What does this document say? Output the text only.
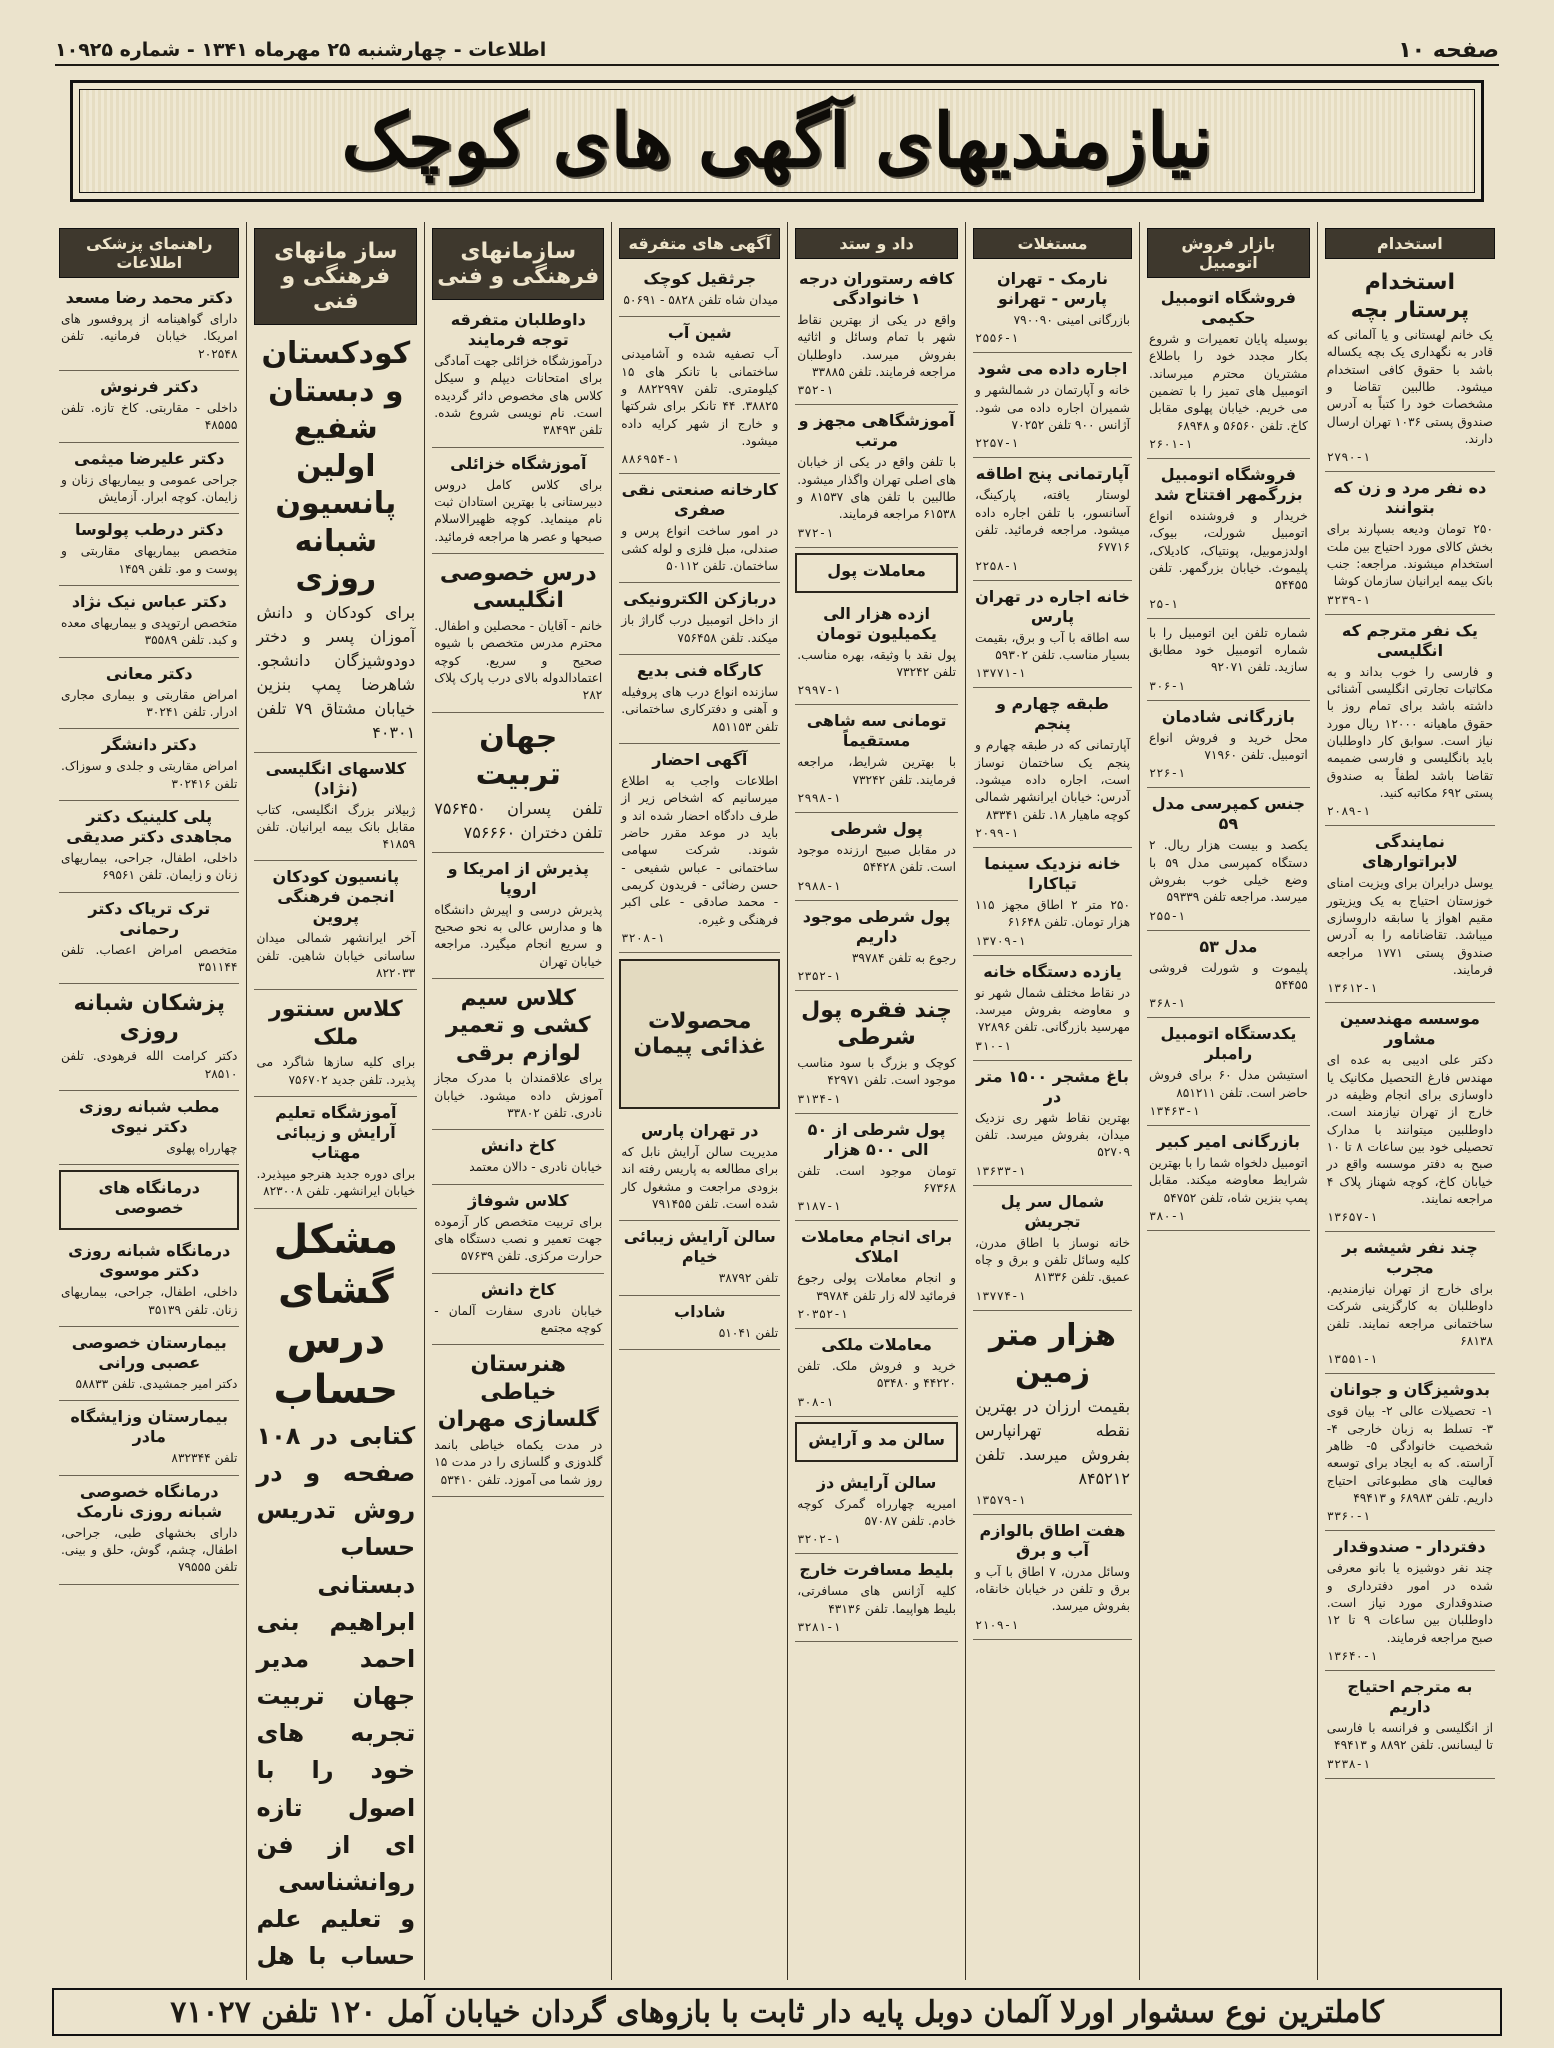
صفحه ۱۰
اطلاعات - چهارشنبه ۲۵ مهرماه ۱۳۴۱ - شماره ۱۰۹۲۵
نیازمندیهای آگهی های کوچک
استخدام
استخدام پرستار بچه

یک خانم لهستانی و یا آلمانی که قادر به نگهداری یک بچه یکساله باشد با حقوق کافی استخدام میشود. طالبین تقاضا و مشخصات خود را کتباً به آدرس صندوق پستی ۱۰۳۶ تهران ارسال دارند.

۲۷۹۰-۱
ده نفر مرد و زن که بتوانند

۲۵۰ تومان ودیعه بسپارند برای بخش کالای مورد احتیاج بین ملت استخدام میشوند. مراجعه: جنب بانک بیمه ایرانیان سازمان کوشا

۳۲۳۹-۱
یک نفر مترجم که انگلیسی

و فارسی را خوب بداند و به مکاتبات تجارتی انگلیسی آشنائی داشته باشد برای تمام روز با حقوق ماهیانه ۱۲۰۰۰ ریال مورد نیاز است. سوابق کار داوطلبان باید بانگلیسی و فارسی ضمیمه تقاضا باشد لطفاً به صندوق پستی ۶۹۲ مکاتبه کنید.

۲۰۸۹-۱
نمایندگی لابراتوارهای

یوسل درایران برای ویزیت امنای خوزستان احتیاج به یک ویزیتور مقیم اهواز یا سابقه داروسازی میباشد. تقاضانامه را به آدرس صندوق پستی ۱۷۷۱ مراجعه فرمایند.

۱۳۶۱۲-۱
موسسه مهندسین مشاور

دکتر علی ادیبی به عده ای مهندس فارغ التحصیل مکانیک یا داوسازی برای انجام وظیفه در خارج از تهران نیازمند است. داوطلبین میتوانند با مدارک تحصیلی خود بین ساعات ۸ تا ۱۰ صبح به دفتر موسسه واقع در خیابان کاخ، کوچه شهناز پلاک ۴ مراجعه نمایند.

۱۳۶۵۷-۱
چند نفر شیشه بر مجرب

برای خارج از تهران نیازمندیم. داوطلبان به کارگزینی شرکت ساختمانی مراجعه نمایند. تلفن ۶۸۱۳۸

۱۳۵۵۱-۱
بدوشیزگان و جوانان

۱- تحصیلات عالی ۲- بیان قوی ۳- تسلط به زبان خارجی ۴- شخصیت خانوادگی ۵- ظاهر آراسته. که به ایجاد برای توسعه فعالیت های مطبوعاتی احتیاج داریم. تلفن ۶۸۹۸۳ و ۴۹۴۱۳

۳۳۶۰-۱
دفتردار - صندوقدار

چند نفر دوشیزه یا بانو معرفی شده در امور دفترداری و صندوقداری مورد نیاز است. داوطلبان بین ساعات ۹ تا ۱۲ صبح مراجعه فرمایند.

۱۳۶۴۰-۱
به مترجم احتیاج داریم

از انگلیسی و فرانسه با فارسی تا لیسانس. تلفن ۸۸۹۲ و ۴۹۴۱۳

۳۲۳۸-۱
بازار فروش اتومبیل
فروشگاه اتومبیل حکیمی

بوسیله پایان تعمیرات و شروع بکار مجدد خود را باطلاع مشتریان محترم میرساند. اتومبیل های تمیز را با تضمین می خریم. خیابان پهلوی مقابل کاخ. تلفن ۵۶۵۶۰ و ۶۸۹۴۸

۲۶۰۱-۱
فروشگاه اتومبیل بزرگمهر افتتاح شد

خریدار و فروشنده انواع اتومبیل شورلت، بیوک، اولدزموبیل، پونتیاک، کادیلاک، پلیموث. خیابان بزرگمهر. تلفن ۵۴۴۵۵

۲۵-۱

شماره تلفن این اتومبیل را با شماره اتومبیل خود مطابق سازید. تلفن ۹۲۰۷۱

۳۰۶-۱
بازرگانی شادمان

محل خرید و فروش انواع اتومبیل. تلفن ۷۱۹۶۰

۲۲۶-۱
جنس کمپرسی مدل ۵۹

یکصد و بیست هزار ریال. ۲ دستگاه کمپرسی مدل ۵۹ با وضع خیلی خوب بفروش میرسد. مراجعه تلفن ۵۹۳۳۹

۲۵۵-۱
مدل ۵۳

پلیموت و شورلت فروشی ۵۴۴۵۵

۳۶۸-۱
یکدستگاه اتومبیل رامبلر

استیشن مدل ۶۰ برای فروش حاضر است. تلفن ۸۵۱۲۱۱

۱۳۴۶۳-۱
بازرگانی امیر کبیر

اتومبیل دلخواه شما را با بهترین شرایط معاوضه میکند. مقابل پمپ بنزین شاه، تلفن ۵۴۷۵۲

۳۸۰-۱
مستغلات
نارمک - تهران پارس - تهرانو

بازرگانی امینی ۷۹۰۰۹۰

۲۵۵۶-۱
اجاره داده می شود

خانه و آپارتمان در شمالشهر و شمیران اجاره داده می شود. آژانس ۹۰۰ تلفن ۷۰۲۵۲

۲۲۵۷-۱
آپارتمانی پنج اطاقه

لوستار یافته، پارکینگ، آسانسور، با تلفن اجاره داده میشود. مراجعه فرمائید. تلفن ۶۷۷۱۶

۲۲۵۸-۱
خانه اجاره در تهران پارس

سه اطاقه با آب و برق، بقیمت بسیار مناسب. تلفن ۵۹۳۰۲

۱۳۷۷۱-۱
طبقه چهارم و پنجم

آپارتمانی که در طبقه چهارم و پنجم یک ساختمان نوساز است، اجاره داده میشود. آدرس: خیابان ایرانشهر شمالی کوچه ماهیار ۱۸. تلفن ۸۳۳۴۱

۲۰۹۹-۱
خانه نزدیک سینما تیاکارا

۲۵۰ متر ۲ اطاق مجهز ۱۱۵ هزار تومان. تلفن ۶۱۶۴۸

۱۳۷۰۹-۱
یازده دستگاه خانه

در نقاط مختلف شمال شهر نو و معاوضه بفروش میرسد. مهرسید بازرگانی. تلفن ۷۲۸۹۶

۳۱۰-۱
باغ مشجر ۱۵۰۰ متر در

بهترین نقاط شهر ری نزدیک میدان، بفروش میرسد. تلفن ۵۲۷۰۹

۱۳۶۳۳-۱
شمال سر پل تجریش

خانه نوساز با اطاق مدرن، کلیه وسائل تلفن و برق و چاه عمیق. تلفن ۸۱۳۳۶

۱۳۷۷۴-۱
هزار متر زمین

بقیمت ارزان در بهترین نقطه تهرانپارس بفروش میرسد. تلفن ۸۴۵۲۱۲

۱۳۵۷۹-۱
هفت اطاق بالوازم آب و برق

وسائل مدرن، ۷ اطاق با آب و برق و تلفن در خیابان خانقاه، بفروش میرسد.

۲۱۰۹-۱
داد و ستد
کافه رستوران درجه ۱ خانوادگی

واقع در یکی از بهترین نقاط شهر با تمام وسائل و اثاثیه بفروش میرسد. داوطلبان مراجعه فرمایند. تلفن ۳۳۸۸۵

۳۵۲-۱
آموزشگاهی مجهز و مرتب

با تلفن واقع در یکی از خیابان های اصلی تهران واگذار میشود. طالبین با تلفن های ۸۱۵۳۷ و ۶۱۵۳۸ مراجعه فرمایند.

۳۷۲-۱
معاملات پول
ازده هزار الی یکمیلیون تومان

پول نقد با وثیقه، بهره مناسب. تلفن ۷۳۲۴۲

۲۹۹۷-۱
تومانی سه شاهی مستقیماً

با بهترین شرایط، مراجعه فرمایند. تلفن ۷۳۲۴۲

۲۹۹۸-۱
پول شرطی

در مقابل صبیح ارزنده موجود است. تلفن ۵۴۴۲۸

۲۹۸۸-۱
پول شرطی موجود داریم

رجوع به تلفن ۳۹۷۸۴

۲۳۵۲-۱
چند فقره پول شرطی

کوچک و بزرگ با سود مناسب موجود است. تلفن ۴۲۹۷۱

۳۱۳۴-۱
پول شرطی از ۵۰ الی ۵۰۰ هزار

تومان موجود است. تلفن ۶۷۳۶۸

۳۱۸۷-۱
برای انجام معاملات املاک

و انجام معاملات پولی رجوع فرمائید لاله زار تلفن ۳۹۷۸۴

۲۰۳۵۲-۱
معاملات ملکی

خرید و فروش ملک. تلفن ۴۴۲۲۰ و ۵۳۴۸۰

۳۰۸-۱
سالن مد و آرایش
سالن آرایش دز

امیریه چهارراه گمرک کوچه خادم. تلفن ۵۷۰۸۷

۳۲۰۲-۱
بلیط مسافرت خارج

کلیه آژانس های مسافرتی، بلیط هواپیما. تلفن ۴۳۱۳۶

۳۲۸۱-۱
آگهی های متفرقه
جرثقیل کوچک

میدان شاه تلفن ۵۸۲۸ - ۵۰۶۹۱

شین آب

آب تصفیه شده و آشامیدنی ساختمانی با تانکر های ۱۵ کیلومتری. تلفن ۸۸۲۲۹۹۷ و ۳۸۸۲۵. ۴۴ تانکر برای شرکتها و خارج از شهر کرایه داده میشود.

۸۸۶۹۵۴-۱
کارخانه صنعتی نقی صفری

در امور ساخت انواع پرس و صندلی، مبل فلزی و لوله کشی ساختمان. تلفن ۵۰۱۱۲

دربازکن الکترونیکی

از داخل اتومبیل درب گاراژ باز میکند. تلفن ۷۵۶۴۵۸

کارگاه فنی بدیع

سازنده انواع درب های پروفیله و آهنی و دفترکاری ساختمانی. تلفن ۸۵۱۱۵۳

آگهی احضار

اطلاعات واجب به اطلاع میرسانیم که اشخاص زیر از طرف دادگاه احضار شده اند و باید در موعد مقرر حاضر شوند. شرکت سهامی ساختمانی - عباس شفیعی - حسن رضائی - فریدون کریمی - محمد صادقی - علی اکبر فرهنگی و غیره.

۳۲۰۸-۱
محصولات غذائی پیمان
در تهران پارس

مدیریت سالن آرایش نابل که برای مطالعه به پاریس رفته اند بزودی مراجعت و مشغول کار شده است. تلفن ۷۹۱۴۵۵

سالن آرایش زیبائی خیام

تلفن ۳۸۷۹۲

شاداب

تلفن ۵۱۰۴۱

سازمانهای فرهنگی و فنی
داوطلبان متفرقه توجه فرمایند

درآموزشگاه خزائلی جهت آمادگی برای امتحانات دیپلم و سیکل کلاس های مخصوص دائر گردیده است. نام نویسی شروع شده. تلفن ۳۸۴۹۳

آموزشگاه خزائلی

برای کلاس کامل دروس دبیرستانی با بهترین استادان ثبت نام مینماید. کوچه ظهیرالاسلام صبحها و عصر ها مراجعه فرمائید.

درس خصوصی انگلیسی

خانم - آقایان - محصلین و اطفال. محترم مدرس متخصص با شیوه صحیح و سریع. کوچه اعتمادالدوله بالای درب پارک پلاک ۲۸۲

جهان تربیت

تلفن پسران ۷۵۶۴۵۰ تلفن دختران ۷۵۶۶۶۰

پذیرش از امریکا و اروپا

پذیرش درسی و اپیرش دانشگاه ها و مدارس عالی به نحو صحیح و سریع انجام میگیرد. مراجعه خیابان تهران

کلاس سیم کشی و تعمیر لوازم برقی

برای علاقمندان با مدرک مجاز آموزش داده میشود. خیابان نادری. تلفن ۳۳۸۰۲

کاخ دانش

خیابان نادری - دالان معتمد

کلاس شوفاژ

برای تربیت متخصص کار آزموده جهت تعمیر و نصب دستگاه های حرارت مرکزی. تلفن ۵۷۶۳۹

کاخ دانش

خیابان نادری سفارت آلمان - کوچه مجتمع

هنرستان خیاطی گلسازی مهران

در مدت یکماه خیاطی بانمد گلدوزی و گلسازی را در مدت ۱۵ روز شما می آموزد. تلفن ۵۳۴۱۰

ساز مانهای فرهنگی و فنی
کودکستان و دبستان شفیع اولین پانسیون شبانه روزی

برای کودکان و دانش آموزان پسر و دختر دودوشیزگان دانشجو. شاهرضا پمپ بنزین خیابان مشتاق ۷۹ تلفن ۴۰۳۰۱

کلاسهای انگلیسی (نژاد)

ژبیلانر بزرگ انگلیسی، کتاب مقابل بانک بیمه ایرانیان. تلفن ۴۱۸۵۹

پانسیون کودکان انجمن فرهنگی پروین

آخر ایرانشهر شمالی میدان ساسانی خیابان شاهین. تلفن ۸۲۲۰۳۳

کلاس سنتور ملک

برای کلیه سازها شاگرد می پذیرد. تلفن جدید ۷۵۶۷۰۲

آموزشگاه تعلیم آرایش و زیبائی مهتاب

برای دوره جدید هنرجو میپذیرد. خیابان ایرانشهر. تلفن ۸۲۳۰۰۸

مشکل گشای درس حساب

کتابی در ۱۰۸ صفحه و در روش تدریس حساب دبستانی ابراهیم بنی احمد مدیر جهان تربیت تجربه های خود را با اصول تازه ای از فن روانشناسی و تعلیم علم حساب با هل

راهنمای پزشکی اطلاعات
دکتر محمد رضا مسعد

دارای گواهینامه از پروفسور های امریکا. خیابان فرمانیه. تلفن ۲۰۲۵۴۸

دکتر فرنوش

داخلی - مقاربتی. کاخ تازه. تلفن ۴۸۵۵۵

دکتر علیرضا میثمی

جراحی عمومی و بیماریهای زنان و زایمان. کوچه ابرار. آزمایش

دکتر درطب پولوسا

متخصص بیماریهای مقاربتی و پوست و مو. تلفن ۱۴۵۹

دکتر عباس نیک نژاد

متخصص ارتوپدی و بیماریهای معده و کبد. تلفن ۳۵۵۸۹

دکتر معانی

امراض مقاربتی و بیماری مجاری ادرار. تلفن ۳۰۲۴۱

دکتر دانشگر

امراض مقاربتی و جلدی و سوزاک. تلفن ۳۰۲۴۱۶

پلی کلینیک دکتر مجاهدی دکتر صدیقی

داخلی، اطفال، جراحی، بیماریهای زنان و زایمان. تلفن ۶۹۵۶۱

ترک تریاک دکتر رحمانی

متخصص امراض اعصاب. تلفن ۳۵۱۱۴۴

پزشکان شبانه روزی

دکتر کرامت الله فرهودی. تلفن ۲۸۵۱۰

مطب شبانه روزی دکتر نیوی

چهارراه پهلوی

درمانگاه های خصوصی
درمانگاه شبانه روزی دکتر موسوی

داخلی، اطفال، جراحی، بیماریهای زنان. تلفن ۳۵۱۳۹

بیمارستان خصوصی عصبی ورانی

دکتر امیر جمشیدی. تلفن ۵۸۸۳۳

بیمارستان وزایشگاه مادر

تلفن ۸۳۲۳۴۴

درمانگاه خصوصی شبانه روزی نارمک

دارای بخشهای طبی، جراحی، اطفال، چشم، گوش، حلق و بینی. تلفن ۷۹۵۵۵

کاملترین نوع سشوار اورلا آلمان دوبل پایه دار ثابت با بازوهای گردان خیابان آمل ۱۲۰ تلفن ۷۱۰۲۷
